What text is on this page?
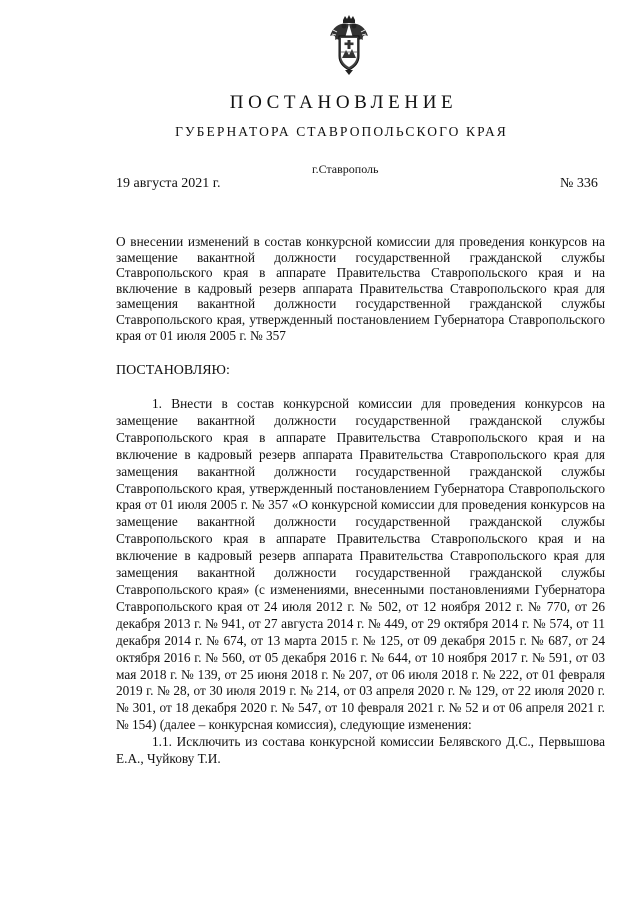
ПОСТАНОВЛЕНИЕ
ГУБЕРНАТОРА СТАВРОПОЛЬСКОГО КРАЯ
г.Ставрополь
19 августа 2021 г.	№ 336
О внесении изменений в состав конкурсной комиссии для проведения конкурсов на замещение вакантной должности государственной гражданской службы Ставропольского края в аппарате Правительства Ставропольского края и на включение в кадровый резерв аппарата Правительства Ставропольского края для замещения вакантной должности государственной гражданской службы Ставропольского края, утвержденный постановлением Губернатора Ставропольского края от 01 июля 2005 г. № 357
ПОСТАНОВЛЯЮ:

1. Внести в состав конкурсной комиссии для проведения конкурсов на замещение вакантной должности государственной гражданской службы Ставропольского края в аппарате Правительства Ставропольского края и на включение в кадровый резерв аппарата Правительства Ставропольского края для замещения вакантной должности государственной гражданской службы Ставропольского края, утвержденный постановлением Губернатора Ставропольского края от 01 июля 2005 г. № 357 «О конкурсной комиссии для проведения конкурсов на замещение вакантной должности государственной гражданской службы Ставропольского края в аппарате Правительства Ставропольского края и на включение в кадровый резерв аппарата Правительства Ставропольского края для замещения вакантной должности государственной гражданской службы Ставропольского края» (с изменениями, внесенными постановлениями Губернатора Ставропольского края от 24 июля 2012 г. № 502, от 12 ноября 2012 г. № 770, от 26 декабря 2013 г. № 941, от 27 августа 2014 г. № 449, от 29 октября 2014 г. № 574, от 11 декабря 2014 г. № 674, от 13 марта 2015 г. № 125, от 09 декабря 2015 г. № 687, от 24 октября 2016 г. № 560, от 05 декабря 2016 г. № 644, от 10 ноября 2017 г. № 591, от 03 мая 2018 г. № 139, от 25 июня 2018 г. № 207, от 06 июля 2018 г. № 222, от 01 февраля 2019 г. № 28, от 30 июля 2019 г. № 214, от 03 апреля 2020 г. № 129, от 22 июля 2020 г. № 301, от 18 декабря 2020 г. № 547, от 10 февраля 2021 г. № 52 и от 06 апреля 2021 г. № 154) (далее – конкурсная комиссия), следующие изменения:

1.1. Исключить из состава конкурсной комиссии Белявского Д.С., Первышова Е.А., Чуйкову Т.И.
